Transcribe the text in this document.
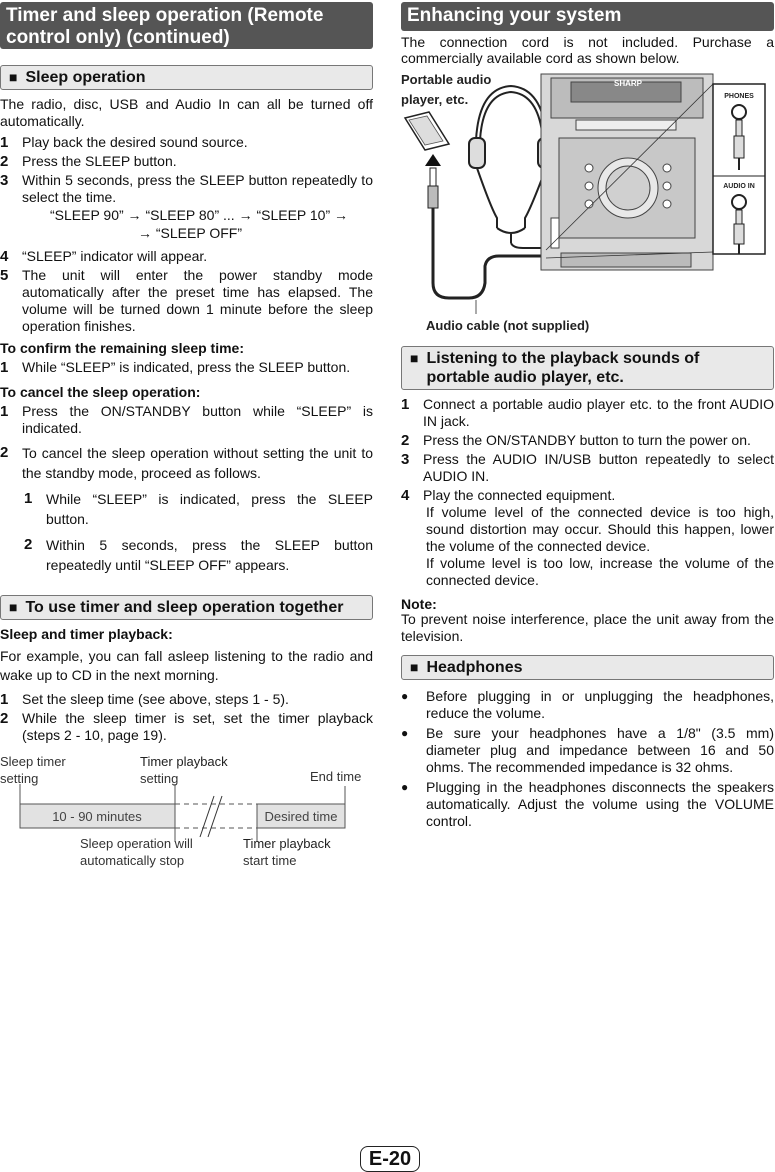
Timer and sleep operation (Remote control only) (continued)
■ Sleep operation

The radio, disc, USB and Audio In can all be turned off automatically.

1 Play back the desired sound source.
2 Press the SLEEP button.
3 Within 5 seconds, press the SLEEP button repeatedly to select the time.
“SLEEP 90” → “SLEEP 80” ... → “SLEEP 10” →
→ “SLEEP OFF”
4 “SLEEP” indicator will appear.
5 The unit will enter the power standby mode automatically after the preset time has elapsed. The volume will be turned down 1 minute before the sleep operation finishes.
To confirm the remaining sleep time:
1 While “SLEEP” is indicated, press the SLEEP button.
To cancel the sleep operation:
1 Press the ON/STANDBY button while “SLEEP” is indicated.
2 To cancel the sleep operation without setting the unit to the standby mode, proceed as follows.
1 While “SLEEP” is indicated, press the SLEEP button.
2 Within 5 seconds, press the SLEEP button repeatedly until “SLEEP OFF” appears.
■ To use timer and sleep operation together
Sleep and timer playback:

For example, you can fall asleep listening to the radio and wake up to CD in the next morning.

1 Set the sleep time (see above, steps 1 - 5).
2 While the sleep timer is set, set the timer playback (steps 2 - 10, page 19).
Sleep timer
setting
Timer playback
setting	End time
10 - 90 minutes	Desired time
Sleep operation will
automatically stop
Timer playback
start time
Enhancing your system

The connection cord is not included. Purchase a commercially available cord as shown below.

Portable audio
player, etc.
SHARP
PHONES
AUDIO IN
Audio cable (not supplied)
■ Listening to the playback sounds of portable audio player, etc.
1 Connect a portable audio player etc. to the front AUDIO IN jack.
2 Press the ON/STANDBY button to turn the power on.
3 Press the AUDIO IN/USB button repeatedly to select AUDIO IN.
4 Play the connected equipment.

If volume level of the connected device is too high, sound distortion may occur. Should this happen, lower the volume of the connected device.

If volume level is too low, increase the volume of the connected device.

Note:

To prevent noise interference, place the unit away from the television.

■ Headphones
●	Before plugging in or unplugging the headphones, reduce the volume.
●	Be sure your headphones have a 1/8" (3.5 mm) diameter plug and impedance between 16 and 50 ohms. The recommended impedance is 32 ohms.
●	Plugging in the headphones disconnects the speakers automatically. Adjust the volume using the VOLUME control.
E-20
